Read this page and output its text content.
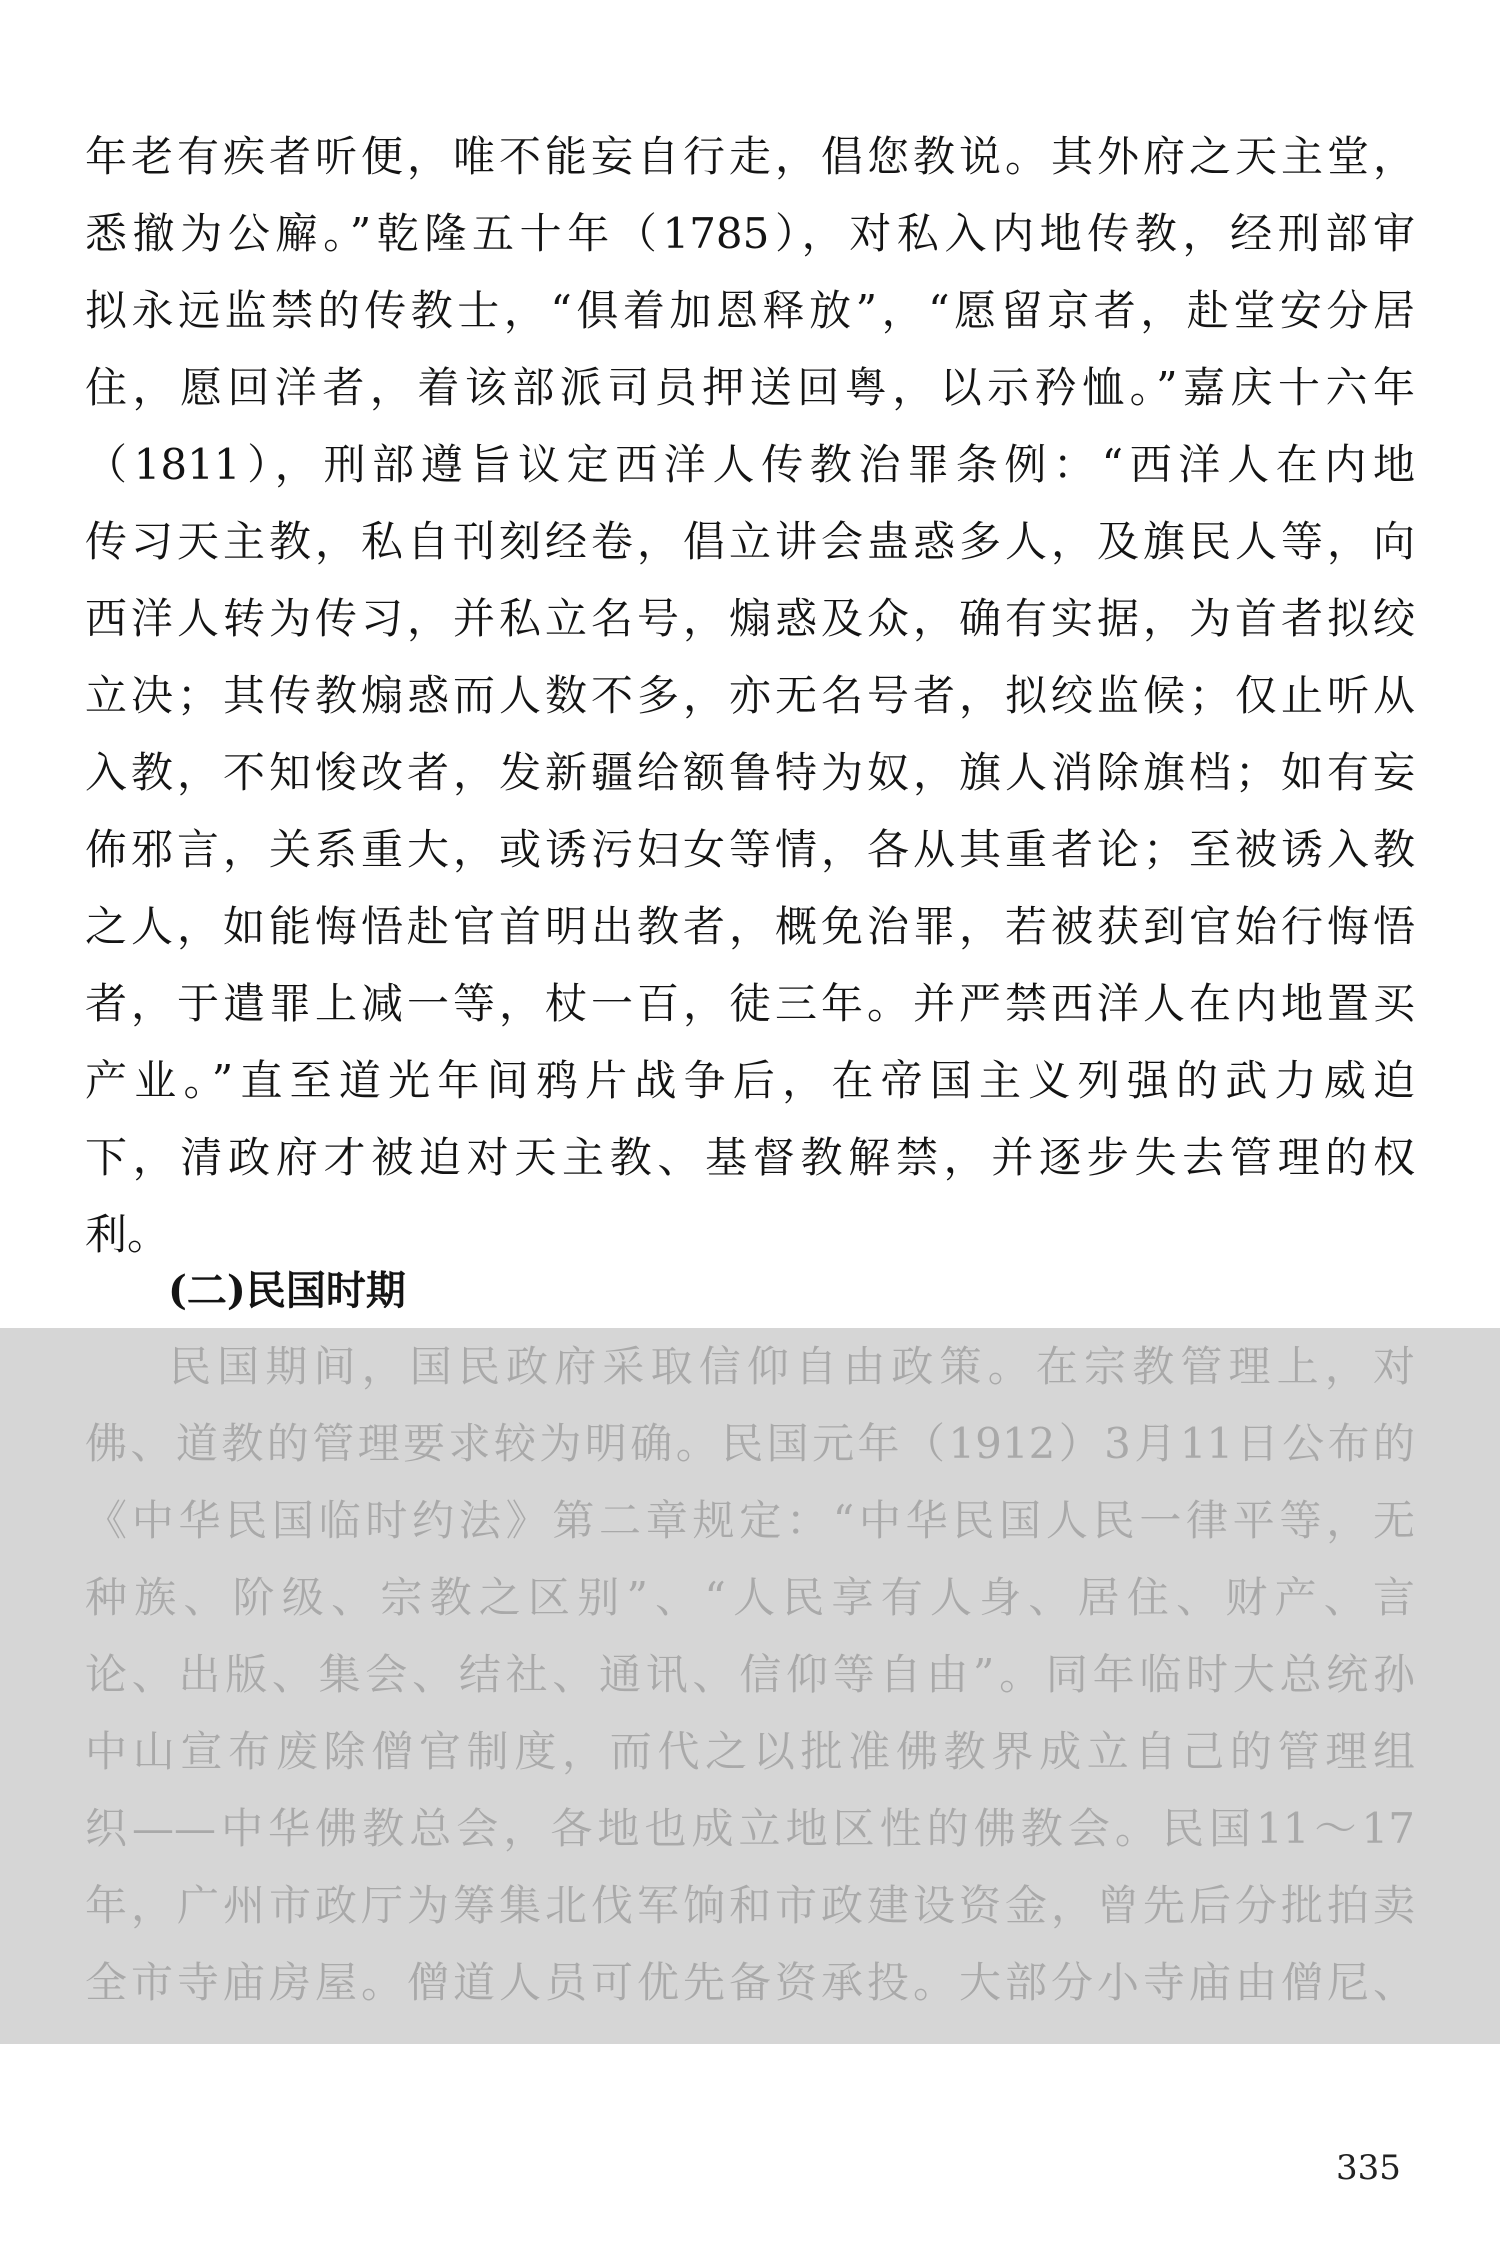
年老有疾者听便，唯不能妄自行走，倡您教说。其外府之天主堂，
悉撤为公廨。”乾隆五十年（1785），对私入内地传教，经刑部审
拟永远监禁的传教士，“俱着加恩释放”，“愿留京者，赴堂安分居
住，愿回洋者，着该部派司员押送回粤，以示矜恤。”嘉庆十六年
（1811），刑部遵旨议定西洋人传教治罪条例：“西洋人在内地
传习天主教，私自刊刻经卷，倡立讲会蛊惑多人，及旗民人等，向
西洋人转为传习，并私立名号，煽惑及众，确有实据，为首者拟绞
立决；其传教煽惑而人数不多，亦无名号者，拟绞监候；仅止听从
入教，不知悛改者，发新疆给额鲁特为奴，旗人消除旗档；如有妄
佈邪言，关系重大，或诱污妇女等情，各从其重者论；至被诱入教
之人，如能悔悟赴官首明出教者，概免治罪，若被获到官始行悔悟
者，于遣罪上减一等，杖一百，徒三年。并严禁西洋人在内地置买
产业。”直至道光年间鸦片战争后，在帝国主义列强的武力威迫
下，清政府才被迫对天主教、基督教解禁，并逐步失去管理的权
利。
(二)民国时期
民国期间，国民政府采取信仰自由政策。在宗教管理上，对
佛、道教的管理要求较为明确。民国元年（1912）3月11日公布的
《中华民国临时约法》第二章规定：“中华民国人民一律平等，无
种族、阶级、宗教之区别”、“人民享有人身、居住、财产、言
论、出版、集会、结社、通讯、信仰等自由”。同年临时大总统孙
中山宣布废除僧官制度，而代之以批准佛教界成立自己的管理组
织——中华佛教总会，各地也成立地区性的佛教会。民国11～17
年，广州市政厅为筹集北伐军饷和市政建设资金，曾先后分批拍卖
全市寺庙房屋。僧道人员可优先备资承投。大部分小寺庙由僧尼、
335
